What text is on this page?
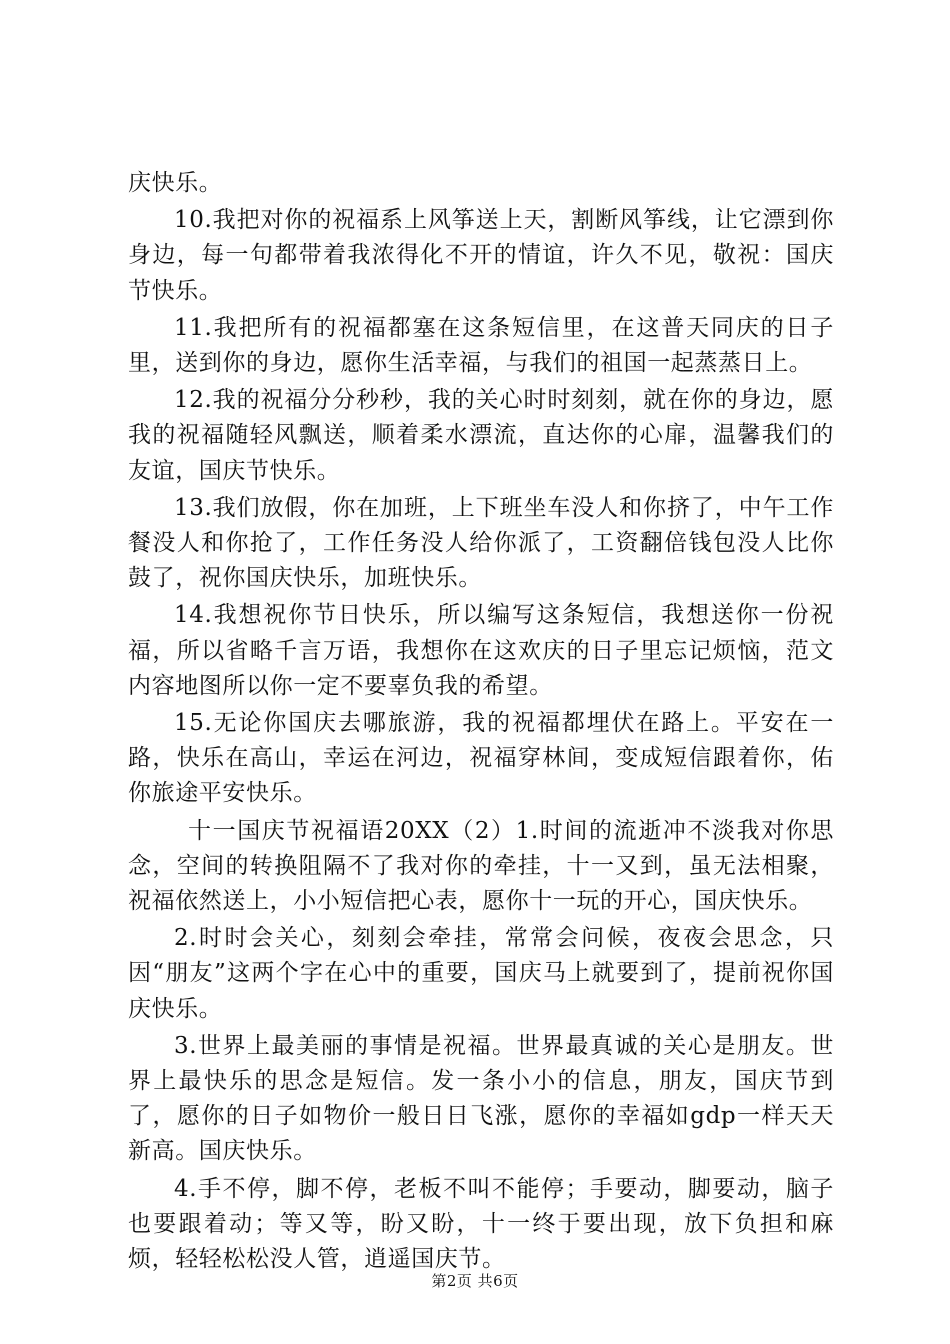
庆快乐。

10.我把对你的祝福系上风筝送上天，割断风筝线，让它漂到你身边，每一句都带着我浓得化不开的情谊，许久不见，敬祝：国庆节快乐。

11.我把所有的祝福都塞在这条短信里，在这普天同庆的日子里，送到你的身边，愿你生活幸福，与我们的祖国一起蒸蒸日上。

12.我的祝福分分秒秒，我的关心时时刻刻，就在你的身边，愿我的祝福随轻风飘送，顺着柔水漂流，直达你的心扉，温馨我们的友谊，国庆节快乐。

13.我们放假，你在加班，上下班坐车没人和你挤了，中午工作餐没人和你抢了，工作任务没人给你派了，工资翻倍钱包没人比你鼓了，祝你国庆快乐，加班快乐。

14.我想祝你节日快乐，所以编写这条短信，我想送你一份祝福，所以省略千言万语，我想你在这欢庆的日子里忘记烦恼，范文内容地图所以你一定不要辜负我的希望。

15.无论你国庆去哪旅游，我的祝福都埋伏在路上。平安在一路，快乐在高山，幸运在河边，祝福穿林间，变成短信跟着你，佑你旅途平安快乐。

十一国庆节祝福语20XX（2）1.时间的流逝冲不淡我对你思念，空间的转换阻隔不了我对你的牵挂，十一又到，虽无法相聚，祝福依然送上，小小短信把心表，愿你十一玩的开心，国庆快乐。

2.时时会关心，刻刻会牵挂，常常会问候，夜夜会思念，只因“朋友”这两个字在心中的重要，国庆马上就要到了，提前祝你国庆快乐。

3.世界上最美丽的事情是祝福。世界最真诚的关心是朋友。世界上最快乐的思念是短信。发一条小小的信息，朋友，国庆节到了，愿你的日子如物价一般日日飞涨，愿你的幸福如gdp一样天天新高。国庆快乐。

4.手不停，脚不停，老板不叫不能停；手要动，脚要动，脑子也要跟着动；等又等，盼又盼，十一终于要出现，放下负担和麻烦，轻轻松松没人管，逍遥国庆节。

第2页 共6页
